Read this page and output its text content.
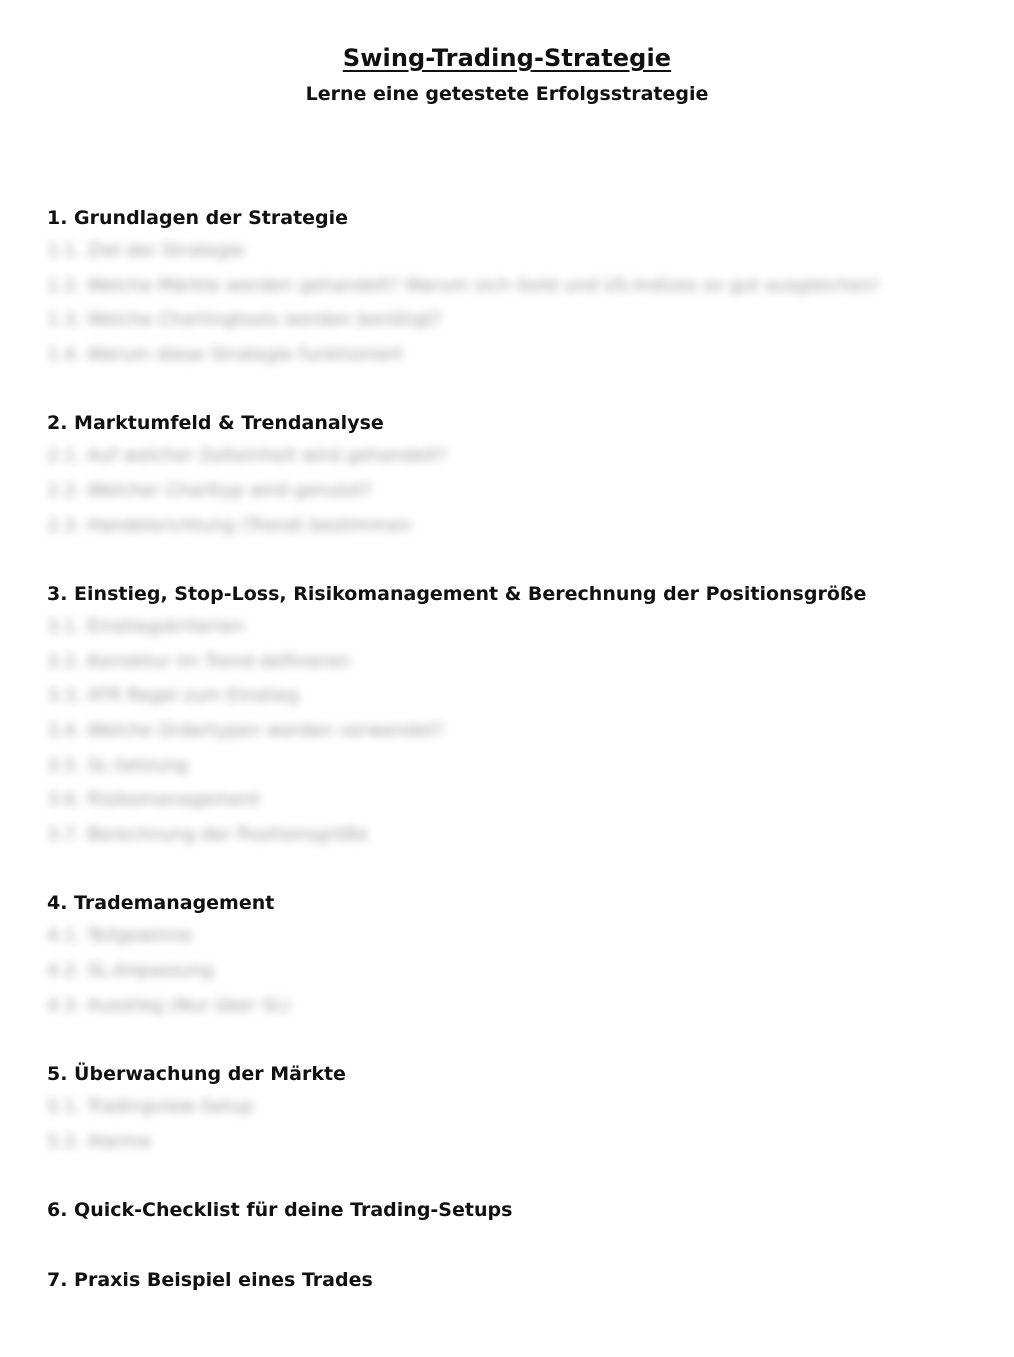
Swing-Trading-Strategie
Lerne eine getestete Erfolgsstrategie
1. Grundlagen der Strategie
1.1. Ziel der Strategie
1.2. Welche Märkte werden gehandelt? Warum sich Gold und US-Indizes so gut ausgleichen!
1.3. Welche Chartingtools werden benötigt?
1.4. Warum diese Strategie funktioniert
2. Marktumfeld & Trendanalyse
2.1. Auf welcher Zeiteinheit wird gehandelt?
2.2. Welcher Charttyp wird genutzt?
2.3. Handelsrichtung (Trend) bestimmen
3. Einstieg, Stop-Loss, Risikomanagement & Berechnung der Positionsgröße
3.1. Einstiegskriterien
3.2. Korrektur im Trend definieren
3.3. ATR Regel zum Einstieg
3.4. Welche Ordertypen werden verwendet?
3.5. SL-Setzung
3.6. Risikomanagement
3.7. Berechnung der Positionsgröße
4. Trademanagement
4.1. Teilgewinne
4.2. SL-Anpassung
4.3. Ausstieg (Nur über SL)
5. Überwachung der Märkte
5.1. Tradingview-Setup
5.2. Alarme
6. Quick-Checklist für deine Trading-Setups
7. Praxis Beispiel eines Trades
